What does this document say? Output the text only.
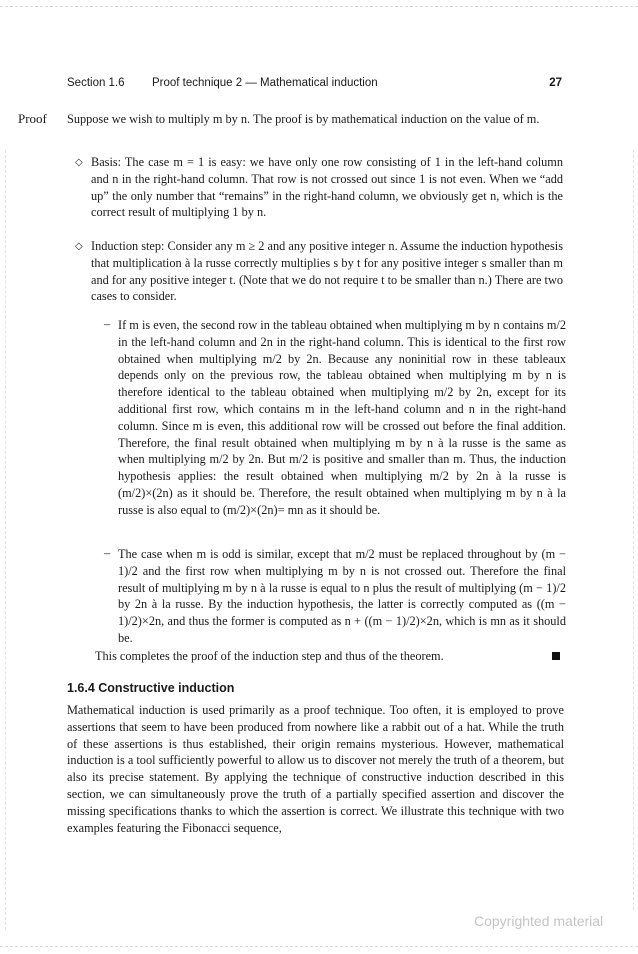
Section 1.6 Proof technique 2 — Mathematical induction	27
Proof Suppose we wish to multiply m by n. The proof is by mathematical induction on the value of m.

◇ Basis: The case m = 1 is easy: we have only one row consisting of 1 in the left-hand column and n in the right-hand column. That row is not crossed out since 1 is not even. When we “add up” the only number that “remains” in the right-hand column, we obviously get n, which is the correct result of multiplying 1 by n.

◇ Induction step: Consider any m ≥ 2 and any positive integer n. Assume the induction hypothesis that multiplication à la russe correctly multiplies s by t for any positive integer s smaller than m and for any positive integer t. (Note that we do not require t to be smaller than n.) There are two cases to consider.

– If m is even, the second row in the tableau obtained when multiplying m by n contains m/2 in the left-hand column and 2n in the right-hand column. This is identical to the first row obtained when multiplying m/2 by 2n. Because any noninitial row in these tableaux depends only on the previous row, the tableau obtained when multiplying m by n is therefore identical to the tableau obtained when multiplying m/2 by 2n, except for its additional first row, which contains m in the left-hand column and n in the right-hand column. Since m is even, this additional row will be crossed out before the final addition. Therefore, the final result obtained when multiplying m by n à la russe is the same as when multiplying m/2 by 2n. But m/2 is positive and smaller than m. Thus, the induction hypothesis applies: the result obtained when multiplying m/2 by 2n à la russe is (m/2)×(2n) as it should be. Therefore, the result obtained when multiplying m by n à la russe is also equal to (m/2)×(2n)= mn as it should be.

– The case when m is odd is similar, except that m/2 must be replaced throughout by (m − 1)/2 and the first row when multiplying m by n is not crossed out. Therefore the final result of multiplying m by n à la russe is equal to n plus the result of multiplying (m − 1)/2 by 2n à la russe. By the induction hypothesis, the latter is correctly computed as ((m − 1)/2)×2n, and thus the former is computed as n + ((m − 1)/2)×2n, which is mn as it should be.

This completes the proof of the induction step and thus of the theorem.

1.6.4 Constructive induction

Mathematical induction is used primarily as a proof technique. Too often, it is employed to prove assertions that seem to have been produced from nowhere like a rabbit out of a hat. While the truth of these assertions is thus established, their origin remains mysterious. However, mathematical induction is a tool sufficiently powerful to allow us to discover not merely the truth of a theorem, but also its precise statement. By applying the technique of constructive induction described in this section, we can simultaneously prove the truth of a partially specified assertion and discover the missing specifications thanks to which the assertion is correct. We illustrate this technique with two examples featuring the Fibonacci sequence,

Copyrighted material
